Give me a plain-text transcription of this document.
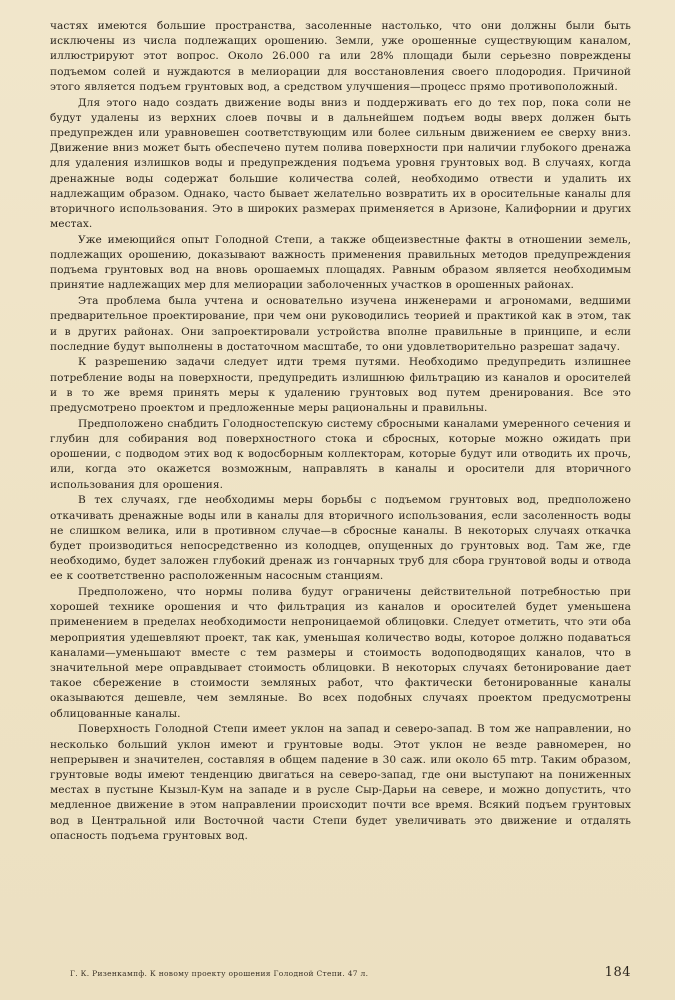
частях имеются большие пространства, засоленные настолько, что они должны были быть исключены из числа подлежащих орошению. Земли, уже орошенные существующим каналом, иллюстрируют этот вопрос. Около 26.000 га или 28% площади были серьезно повреждены подъемом солей и нуждаются в мелиорации для восстановления своего плодородия. Причиной этого является подъем грунтовых вод, а средством улучшения—процесс прямо противоположный.

Для этого надо создать движение воды вниз и поддерживать его до тех пор, пока соли не будут удалены из верхних слоев почвы и в дальнейшем подъем воды вверх должен быть предупрежден или уравновешен соответствующим или более сильным движением ее сверху вниз. Движение вниз может быть обеспечено путем полива поверхности при наличии глубокого дренажа для удаления излишков воды и предупреждения подъема уровня грунтовых вод. В случаях, когда дренажные воды содержат большие количества солей, необходимо отвести и удалить их надлежащим образом. Однако, часто бывает желательно возвратить их в оросительные каналы для вторичного использования. Это в широких размерах применяется в Аризоне, Калифорнии и других местах.

Уже имеющийся опыт Голодной Степи, а также общеизвестные факты в отношении земель, подлежащих орошению, доказывают важность применения правильных методов предупреждения подъема грунтовых вод на вновь орошаемых площадях. Равным образом является необходимым принятие надлежащих мер для мелиорации заболоченных участков в орошенных районах.

Эта проблема была учтена и основательно изучена инженерами и агрономами, ведшими предварительное проектирование, при чем они руководились теорией и практикой как в этом, так и в других районах. Они запроектировали устройства вполне правильные в принципе, и если последние будут выполнены в достаточном масштабе, то они удовлетворительно разрешат задачу.

К разрешению задачи следует идти тремя путями. Необходимо предупредить излишнее потребление воды на поверхности, предупредить излишнюю фильтрацию из каналов и оросителей и в то же время принять меры к удалению грунтовых вод путем дренирования. Все это предусмотрено проектом и предложенные меры рациональны и правильны.

Предположено снабдить Голодностепскую систему сбросными каналами умеренного сечения и глубин для собирания вод поверхностного стока и сбросных, которые можно ожидать при орошении, с подводом этих вод к водосборным коллекторам, которые будут или отводить их прочь, или, когда это окажется возможным, направлять в каналы и оросители для вторичного использования для орошения.

В тех случаях, где необходимы меры борьбы с подъемом грунтовых вод, предположено откачивать дренажные воды или в каналы для вторичного использования, если засоленность воды не слишком велика, или в противном случае—в сбросные каналы. В некоторых случаях откачка будет производиться непосредственно из колодцев, опущенных до грунтовых вод. Там же, где необходимо, будет заложен глубокий дренаж из гончарных труб для сбора грунтовой воды и отвода ее к соответственно расположенным насосным станциям.

Предположено, что нормы полива будут ограничены действительной потребностью при хорошей технике орошения и что фильтрация из каналов и оросителей будет уменьшена применением в пределах необходимости непроницаемой облицовки. Следует отметить, что эти оба мероприятия удешевляют проект, так как, уменьшая количество воды, которое должно подаваться каналами—уменьшают вместе с тем размеры и стоимость водоподводящих каналов, что в значительной мере оправдывает стоимость облицовки. В некоторых случаях бетонирование дает такое сбережение в стоимости земляных работ, что фактически бетонированные каналы оказываются дешевле, чем земляные. Во всех подобных случаях проектом предусмотрены облицованные каналы.

Поверхность Голодной Степи имеет уклон на запад и северо-запад. В том же направлении, но несколько больший уклон имеют и грунтовые воды. Этот уклон не везде равномерен, но непрерывен и значителен, составляя в общем падение в 30 саж. или около 65 mтр. Таким образом, грунтовые воды имеют тенденцию двигаться на северо-запад, где они выступают на пониженных местах в пустыне Кызыл-Кум на западе и в русле Сыр-Дарьи на севере, и можно допустить, что медленное движение в этом направлении происходит почти все время. Всякий подъем грунтовых вод в Центральной или Восточной части Степи будет увеличивать это движение и отдалять опасность подъема грунтовых вод.

Г. К. Ризенкампф. К новому проекту орошения Голодной Степи. 47 л.	184
